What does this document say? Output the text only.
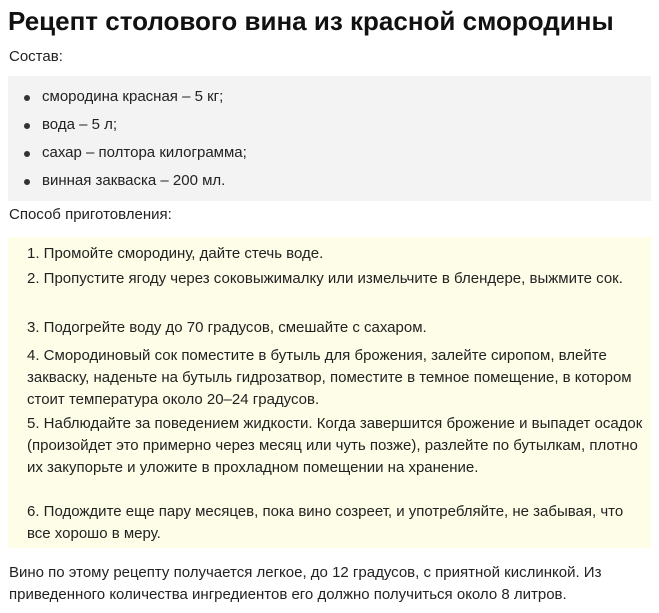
Рецепт столового вина из красной смородины

Состав:

смородина красная – 5 кг;
вода – 5 л;
сахар – полтора килограмма;
винная закваска – 200 мл.

Способ приготовления:

1. Промойте смородину, дайте стечь воде.
2. Пропустите ягоду через соковыжималку или измельчите в блендере, выжмите сок.
3. Подогрейте воду до 70 градусов, смешайте с сахаром.
4. Смородиновый сок поместите в бутыль для брожения, залейте сиропом, влейте закваску, наденьте на бутыль гидрозатвор, поместите в темное помещение, в котором стоит температура около 20–24 градусов.
5. Наблюдайте за поведением жидкости. Когда завершится брожение и выпадет осадок (произойдет это примерно через месяц или чуть позже), разлейте по бутылкам, плотно их закупорьте и уложите в прохладном помещении на хранение.
6. Подождите еще пару месяцев, пока вино созреет, и употребляйте, не забывая, что все хорошо в меру.

Вино по этому рецепту получается легкое, до 12 градусов, с приятной кислинкой. Из приведенного количества ингредиентов его должно получиться около 8 литров.
